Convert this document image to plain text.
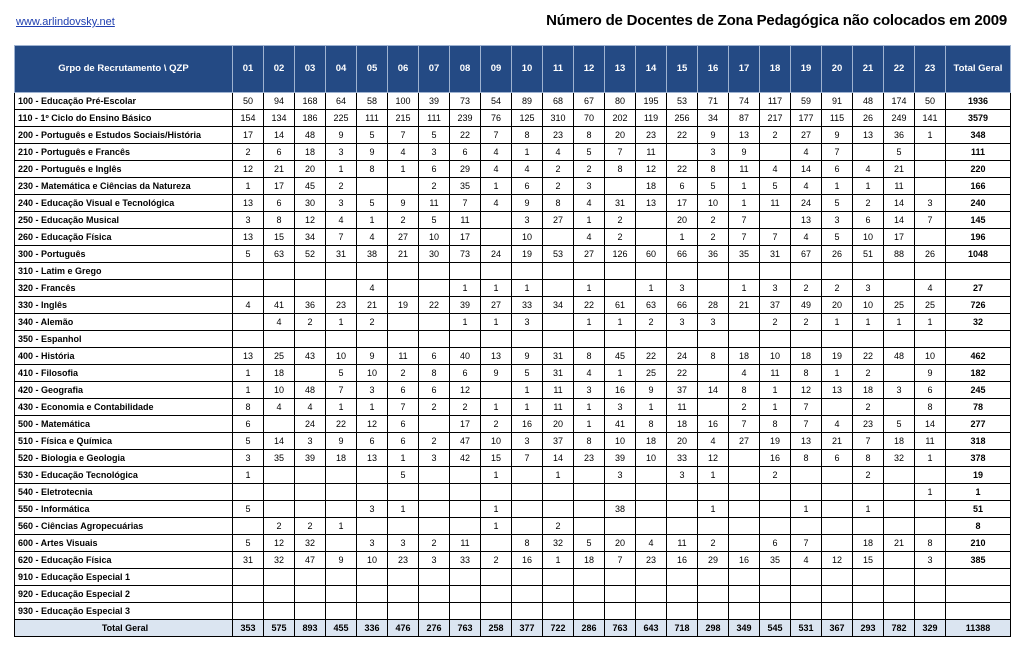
www.arlindovsky.net	Número de Docentes de Zona Pedagógica não colocados em 2009
Grpo de Recrutamento \ QZP	01	02	03	04	05	06	07	08	09	10	11	12	13	14	15	16	17	18	19	20	21	22	23	Total Geral
100 - Educação Pré-Escolar	50	94	168	64	58	100	39	73	54	89	68	67	80	195	53	71	74	117	59	91	48	174	50	1936
110 - 1º Ciclo do Ensino Básico	154	134	186	225	111	215	111	239	76	125	310	70	202	119	256	34	87	217	177	115	26	249	141	3579
200 - Português e Estudos Sociais/História	17	14	48	9	5	7	5	22	7	8	23	8	20	23	22	9	13	2	27	9	13	36	1	348
210 - Português e Francês	2	6	18	3	9	4	3	6	4	1	4	5	7	11		3	9		4	7		5		111
220 - Português e Inglês	12	21	20	1	8	1	6	29	4	4	2	2	8	12	22	8	11	4	14	6	4	21		220
230 - Matemática e Ciências da Natureza	1	17	45	2			2	35	1	6	2	3		18	6	5	1	5	4	1	1	11		166
240 - Educação Visual e Tecnológica	13	6	30	3	5	9	11	7	4	9	8	4	31	13	17	10	1	11	24	5	2	14	3	240
250 - Educação Musical	3	8	12	4	1	2	5	11		3	27	1	2		20	2	7		13	3	6	14	7	145
260 - Educação Física	13	15	34	7	4	27	10	17		10		4	2		1	2	7	7	4	5	10	17		196
300 - Português	5	63	52	31	38	21	30	73	24	19	53	27	126	60	66	36	35	31	67	26	51	88	26	1048
310 - Latim e Grego																								
320 - Francês					4			1	1	1		1		1	3		1	3	2	2	3		4	27
330 - Inglês	4	41	36	23	21	19	22	39	27	33	34	22	61	63	66	28	21	37	49	20	10	25	25	726
340 - Alemão		4	2	1	2			1	1	3		1	1	2	3	3		2	2	1	1	1	1	32
350 - Espanhol																								
400 - História	13	25	43	10	9	11	6	40	13	9	31	8	45	22	24	8	18	10	18	19	22	48	10	462
410 - Filosofia	1	18		5	10	2	8	6	9	5	31	4	1	25	22		4	11	8	1	2		9	182
420 - Geografia	1	10	48	7	3	6	6	12		1	11	3	16	9	37	14	8	1	12	13	18	3	6	245
430 - Economia e Contabilidade	8	4	4	1	1	7	2	2	1	1	11	1	3	1	11		2	1	7		2		8	78
500 - Matemática	6		24	22	12	6		17	2	16	20	1	41	8	18	16	7	8	7	4	23	5	14	277
510 - Física e Química	5	14	3	9	6	6	2	47	10	3	37	8	10	18	20	4	27	19	13	21	7	18	11	318
520 - Biologia e Geologia	3	35	39	18	13	1	3	42	15	7	14	23	39	10	33	12		16	8	6	8	32	1	378
530 - Educação Tecnológica	1					5			1		1		3		3	1		2			2			19
540 - Eletrotecnia																							1	1
550 - Informática	5				3	1			1				38			1			1		1			51
560 - Ciências Agropecuárias		2	2	1					1		2													8
600 - Artes Visuais	5	12	32		3	3	2	11		8	32	5	20	4	11	2		6	7		18	21	8	210
620 - Educação Física	31	32	47	9	10	23	3	33	2	16	1	18	7	23	16	29	16	35	4	12	15		3	385
910 - Educação Especial 1																								
920 - Educação Especial 2																								
930 - Educação Especial 3																								
Total Geral	353	575	893	455	336	476	276	763	258	377	722	286	763	643	718	298	349	545	531	367	293	782	329	11388
